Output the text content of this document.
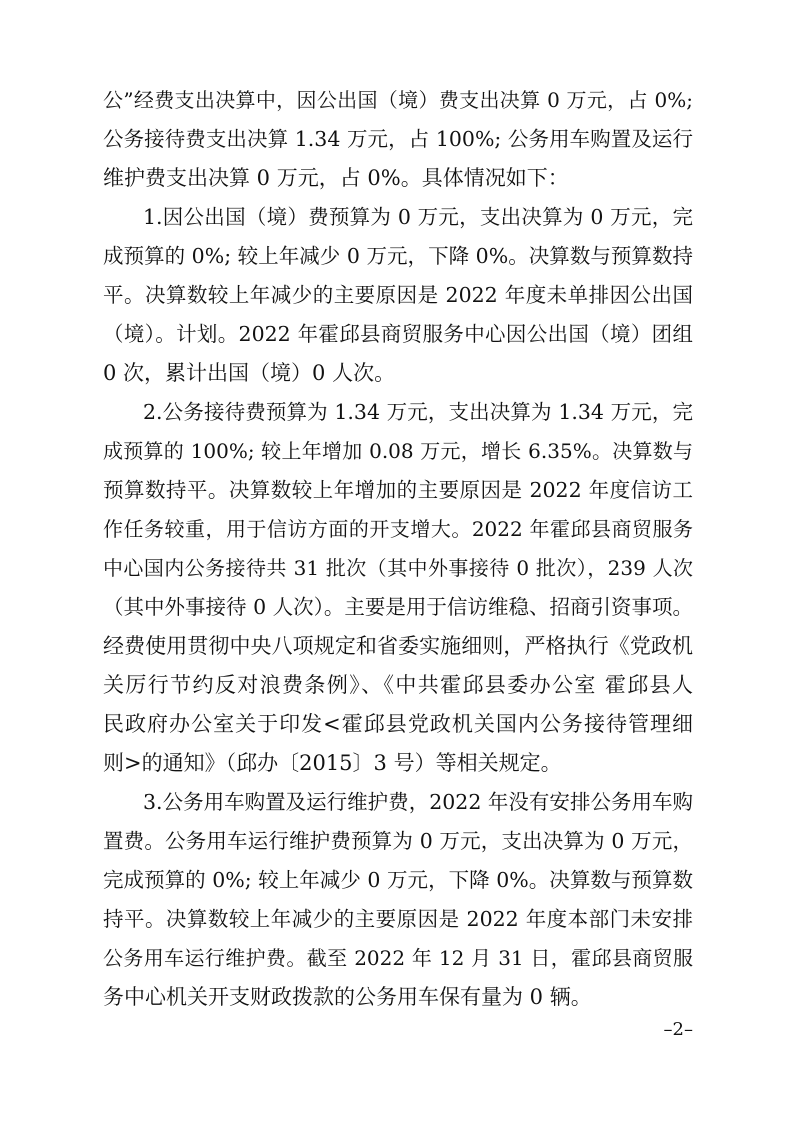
公”经费支出决算中，因公出国（境）费支出决算 0 万元，占 0%;
公务接待费支出决算 1.34 万元，占 100%; 公务用车购置及运行
维护费支出决算 0 万元，占 0%。具体情况如下：
1.因公出国（境）费预算为 0 万元，支出决算为 0 万元，完
成预算的 0%; 较上年减少 0 万元，下降 0%。决算数与预算数持
平。决算数较上年减少的主要原因是 2022 年度未单排因公出国
（境）。计划。2022 年霍邱县商贸服务中心因公出国（境）团组
0 次，累计出国（境）0 人次。
2.公务接待费预算为 1.34 万元，支出决算为 1.34 万元，完
成预算的 100%; 较上年增加 0.08 万元，增长 6.35%。决算数与
预算数持平。决算数较上年增加的主要原因是 2022 年度信访工
作任务较重，用于信访方面的开支增大。2022 年霍邱县商贸服务
中心国内公务接待共 31 批次（其中外事接待 0 批次），239 人次
（其中外事接待 0 人次）。主要是用于信访维稳、招商引资事项。
经费使用贯彻中央八项规定和省委实施细则，严格执行《党政机
关厉行节约反对浪费条例》、《中共霍邱县委办公室 霍邱县人
民政府办公室关于印发<霍邱县党政机关国内公务接待管理细
则>的通知》（邱办〔2015〕3 号）等相关规定。
3.公务用车购置及运行维护费，2022 年没有安排公务用车购
置费。公务用车运行维护费预算为 0 万元，支出决算为 0 万元，
完成预算的 0%; 较上年减少 0 万元，下降 0%。决算数与预算数
持平。决算数较上年减少的主要原因是 2022 年度本部门未安排
公务用车运行维护费。截至 2022 年 12 月 31 日，霍邱县商贸服
务中心机关开支财政拨款的公务用车保有量为 0 辆。
–2–
